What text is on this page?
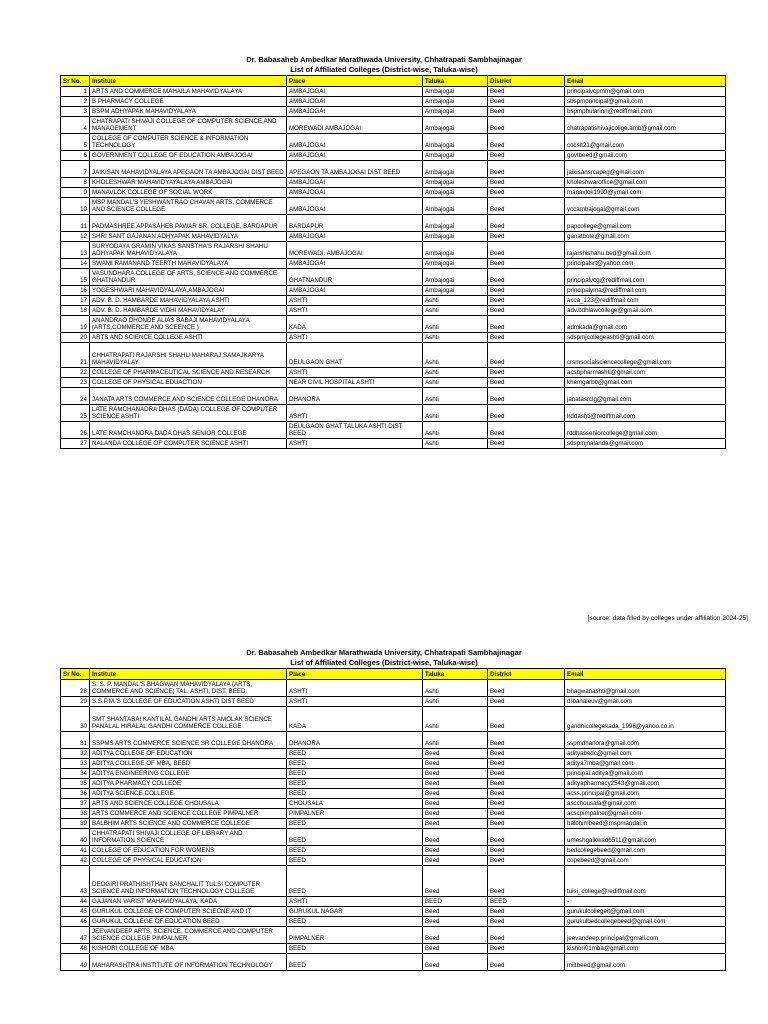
Dr. Babasaheb Ambedkar Marathwada University, Chhatrapati Sambhajinagar
List of Affiliated Colleges (District-wise, Taluka-wise)
Sr No.	Institute	Place	Taluka	District	Email
1	ARTS AND COMMERCE MAHAILA MAHAVIDYALAYA	AMBAJOGAI	Ambajogai	Beed	principalvcpmm@gmail.com
2	B PHARMACY COLLEGE	AMBAJOGAI	Ambajogai	Beed	sbspmprincipal@gmail.com
3	BSPM ADHYAPAK MAHAVIDYALAYA	AMBAJOGAI	Ambajogai	Beed	bspmphularinn@rediffmail.com
4	CHATRAPATI SHIVAJI COLLEGE OF COMPUTER SCIENCE AND MANAGEMENT	MOREWADI AMBAJOGAI	Ambajogai	Beed	chatrapatishivajicollge.amb@gmail.com
5	COLLEGE OF COMPUTER SCIENCE & INFORMATION TECHNOLOGY	AMBAJOGAI	Ambajogai	Beed	cocsit21@gmail.com
6	GOVERNMENT COLLEGE OF EDUCATION AMBAJOGAI	AMBAJOGAI	Ambajogai	Beed	govtbeed@gmail.com
7	JAIKISAN MAHAVIDYALAYA APEGAON TA AMBAJOGAI DIST BEED	APEGAON TA AMBAJOGAI DIST BEED	Ambajogai	Beed	jaikisansrcapeg@gmail.com
8	KHOLESHWAR MAHAVIDYAYALAYA AMBAJOGAI	AMBAJOGAI	Ambajogai	Beed	kholeshwaroffice@gmail.com
9	MANAVLOK COLLEGE OF SOCIAL WORK	AMBAJOGAI	Ambajogai	Beed	manavlok1999@ymail.com
10	MSP MANDAL'S YESHWANTRAO CHAVAN ARTS, COMMERCE AND SCIENCE COLLEGE	AMBAJOGAI	Ambajogai	Beed	yccambajogai@gmail.com
11	PADMASHREE APPASAHEB PAWAR SR. COLLEGE, BARDAPUR	BARDAPUR	Ambajogai	Beed	papcollege@gmail.com
12	SHRI SANT GAJANAN ADHYAPAK MAHAVIDYALYA	AMBAJOGAI	Ambajogai	Beed	ganatbote@gmail.com
13	SURYODAYA GRAMIN VIKAS SANSTHA'S RAJARSHI SHAHU ADHYAPAK MAHAVIDYALAYA	MOREWADI, AMBAJOGAI	Ambajogai	Beed	rajarshishahu.bed@gmail.com
14	SWAMI RAMANAND TEERTH MAHAVIDYALAYA	AMBAJOGAI	Ambajogai	Beed	principalsrt@yahoo.com
15	VASUNDHARA COLLEGE OF ARTS, SCIENCE AND COMMERCE GHATNANDUR	GHATNANDUR	Ambajogai	Beed	principalvcg@rediffmail.com
16	YOGESHWARI MAHAVIDYALAYA,AMBAJOGAI	AMBAJOGAI	Ambajogai	Beed	principalyma@rediffmail.com
17	ADV. B. D. HAMBARDE MAHAVIDYALAYA ASHTI	ASHTI	Ashti	Beed	acca_123@rediffmail.com
18	ADV. B. D. HAMBARDE VIDHI MAHAVIDYALAY	ASHTI	Ashti	Beed	adv.bdhlawcollege@gmail.com
19	ANANDRAO DHONDE ALIAS BABAJI MAHAVIDYALAYA (ARTS,COMMERCE AND SCEENCE )	KADA	Ashti	Beed	admkada@gmail.com
20	ARTS AND SCIENCE COLLEGE ASHTI	ASHTI	Ashti	Beed	sdspmjcollegeashti@gmail.com
21	CHHATRAPATI RAJARSHI SHAHU MAHARAJ SAMAJKARYA MAHAVIDYALAY	DEULGAON GHAT	Ashti	Beed	crsmsocialsciencecollege@gmail.com
22	COLLEGE OF PHARMACEUTICAL SCIENCE AND RESEARCH	ASHTI	Ashti	Beed	acsbpharmashti@gmail.com
23	COLLEGE OF PHYSICAL EDUACTION	NEAR CIVIL HOSPITAL ASHTI	Ashti	Beed	khemgarbb@gmail.com
24	JANATA ARTS COMMERCE AND SCIENCE COLLEGE DHANORA	DHANORA	Ashti	Beed	janatasrclg@gmail.com
25	LATE RAMCHANADRA DHAS (DADA) COLLEGE OF COMPUTER SCIENCE ASHTI	ASHTI	Ashti	Beed	lrddashti@rediffmail.com
26	LATE RAMCHANDRA DADA DHAS SENIOR COLLEGE	DEULGAON GHAT TALUKA ASHTI DIST BEED	Ashti	Beed	rddhasseniorcollege@gmail.com
27	NALANDA COLLEGE OF COMPUTER SCIENCE ASHTI	ASHTI	Ashti	Beed	sdspmjnalanda@gmail.com
[source: data filled by colleges under affiliation 2024-25]
Dr. Babasaheb Ambedkar Marathwada University, Chhatrapati Sambhajinagar
List of Affiliated Colleges (District-wise, Taluka-wise)
Sr No.	Institute	Place	Taluka	District	Email
28	S. S. P. MANDAL'S BHAGWAN MAHAVIDYALAYA (ARTS, COMMERCE AND SCIENCE) TAL. ASHTI, DIST. BEED.	ASHTI	Ashti	Beed	bhagwanashti@gmail.com
29	S.S.P.M.'S COLLEGE OF EDUCATION ASHTI DIST BEED	ASHTI	Ashti	Beed	drbanaleuv@gmail.com
30	SMT SHANTABAI KANTILAL GANDHI ARTS AMOLAK SCIENCE PANALAL HIRALAL GANDHI COMMERCE COLLEGE	KADA	Ashti	Beed	gandhicollegekada_1996@yahoo.co.in
31	SSPMS ARTS COMMERCE SCIENCE SR COLLEGE DHANORA	DHANORA	Ashti	Beed	sspmdhanora@gmail.com
32	ADITYA COLLEGE OF EDUCATION	BEED	Beed	Beed	adityabedc@gmail.com
33	ADITYA COLLEGE OF MBA, BEED	BEED	Beed	Beed	aditya7mba@gmail.com
34	ADITYA ENGINEERING COLLEGE	BEED	Beed	Beed	principal.aditya@gmail.com
35	ADITYA PHARMACY COLLEGE	BEED	Beed	Beed	adityapharmacy2543@gmail.com
36	ADITYA SCIENCE COLLEGE	BEED	Beed	Beed	acss.principal@gmail.com
37	ARTS AND SCIENCE COLLEGE CHOUSALA	CHOUSALA	Beed	Beed	ascchousala@gmail.com
38	ARTS COMMERCE AND SCIENCE COLLEGE PIMPALNER	PIMPALNER	Beed	Beed	acscpimpalner@gmail.com
39	BALBHIM ARTS SCIENCE AND COMMERCE COLLEGE	BEED	Beed	Beed	balbhimbeed@mspmandal.in
40	CHHATRAPATI SHIVAJI COLLEGE OF LIBRARY AND INFORMATION SCIENCE	BEED	Beed	Beed	umeshgaikwad6511@gmail.com
41	COLLEGE OF EDUCATION FOR WOMENS	BEED	Beed	Beed	bedcollegebeed@gmail.com
42	COLLEGE OF PHYSICAL EDUCATION	BEED	Beed	Beed	copebeed@gmail.com
43	DEOGIRI PRATHISHTHAN SANCHALIT TULSI COMPUTER SCIENCE AND INFORMATION TECHNOLOGY COLLEGE	BEED	Beed	Beed	tulsi_college@rediffmail.com
44	GAJANAN VARIST MAHAVIDYALAYA, KADA	ASHTI	BEED	BEED	-
45	GURUKUL COLLEGE OF COMPUTER SCIECNE AND IT	GURUKUL NAGAR	Beed	Beed	gurukulcollegeit@gmail.com
46	GURUKUL COLLEGE OF EDUCATION BEED	BEED	Beed	Beed	gurukulbedcollegebeed@gmail.com
47	JEEVANDEEP ARTS, SCIENCE, COMMERCE AND COMPUTER SCIENCE COLLEGE PIMPALNER	PIMPALNER	Beed	Beed	jeevandeep.principal@gmail.com
48	KISHORI COLLEGE OF MBA	BEED	Beed	Beed	kishori01mba@gmail.com
49	MAHARASHTRA INSTITUTE OF INFORMATION TECHNOLOGY	BEED	Beed	Beed	miitbeed@gmail.com
